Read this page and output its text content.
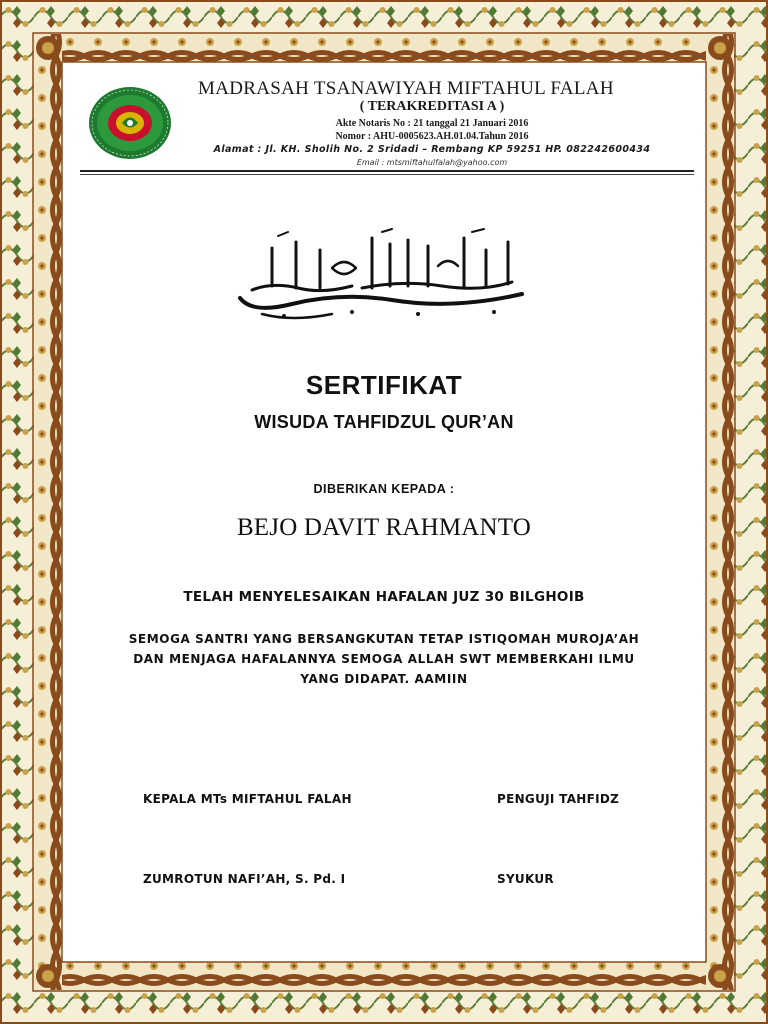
MADRASAH TSANAWIYAH MIFTAHUL FALAH
( TERAKREDITASI A )
Akte Notaris No : 21 tanggal 21 Januari 2016
Nomor : AHU-0005623.AH.01.04.Tahun 2016
Alamat : Jl. KH. Sholih No. 2 Sridadi – Rembang KP 59251 HP. 082242600434
Email : mtsmiftahulfalah@yahoo.com
SERTIFIKAT
WISUDA TAHFIDZUL QUR’AN
DIBERIKAN KEPADA :
BEJO DAVIT RAHMANTO
TELAH MENYELESAIKAN HAFALAN JUZ 30 BILGHOIB
SEMOGA SANTRI YANG BERSANGKUTAN TETAP ISTIQOMAH MUROJA’AH
DAN MENJAGA HAFALANNYA SEMOGA ALLAH SWT MEMBERKAHI ILMU
YANG DIDAPAT. AAMIIN
KEPALA MTs MIFTAHUL FALAH	PENGUJI TAHFIDZ
ZUMROTUN NAFI’AH, S. Pd. I	SYUKUR
